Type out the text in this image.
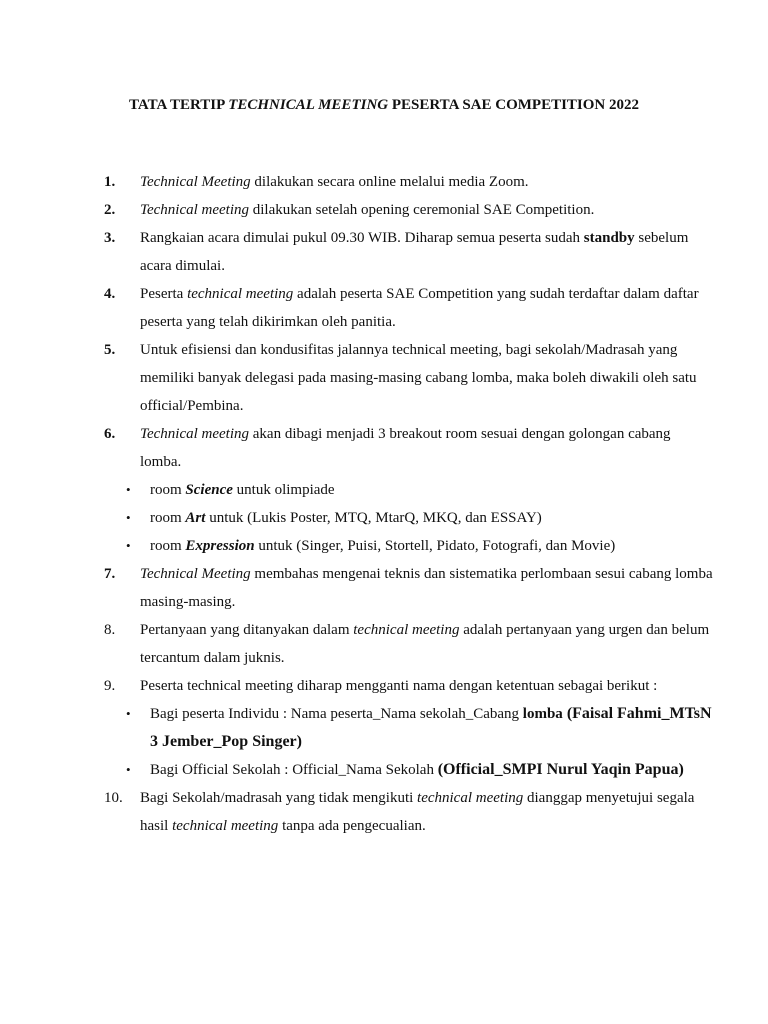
TATA TERTIP TECHNICAL MEETING PESERTA SAE COMPETITION 2022
1.	Technical Meeting dilakukan secara online melalui media Zoom.
2.	Technical meeting dilakukan setelah opening ceremonial SAE Competition.
3.	Rangkaian acara dimulai pukul 09.30 WIB. Diharap semua peserta sudah standby sebelum acara dimulai.
4.	Peserta technical meeting adalah peserta SAE Competition yang sudah terdaftar dalam daftar peserta yang telah dikirimkan oleh panitia.
5.	Untuk efisiensi dan kondusifitas jalannya technical meeting, bagi sekolah/Madrasah yang memiliki banyak delegasi pada masing-masing cabang lomba, maka boleh diwakili oleh satu official/Pembina.
6.	Technical meeting akan dibagi menjadi 3 breakout room sesuai dengan golongan cabang lomba.
•	room Science untuk olimpiade
•	room Art untuk (Lukis Poster, MTQ, MtarQ, MKQ, dan ESSAY)
•	room Expression untuk (Singer, Puisi, Stortell, Pidato, Fotografi, dan Movie)
7.	Technical Meeting membahas mengenai teknis dan sistematika perlombaan sesui cabang lomba masing-masing.
8.	Pertanyaan yang ditanyakan dalam technical meeting adalah pertanyaan yang urgen dan belum tercantum dalam juknis.
9.	Peserta technical meeting diharap mengganti nama dengan ketentuan sebagai berikut :
•	Bagi peserta Individu : Nama peserta_Nama sekolah_Cabang lomba (Faisal Fahmi_MTsN 3 Jember_Pop Singer)
•	Bagi Official Sekolah : Official_Nama Sekolah (Official_SMPI Nurul Yaqin Papua)
10.	Bagi Sekolah/madrasah yang tidak mengikuti technical meeting dianggap menyetujui segala hasil technical meeting tanpa ada pengecualian.
